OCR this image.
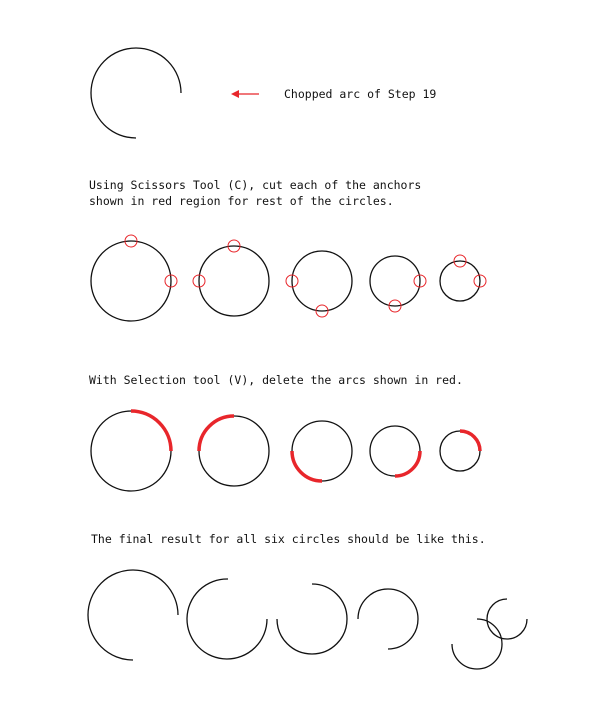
Chopped arc of Step 19

Using Scissors Tool (C), cut each of the anchors
shown in red region for rest of the circles.

With Selection tool (V), delete the arcs shown in red.

The final result for all six circles should be like this.
